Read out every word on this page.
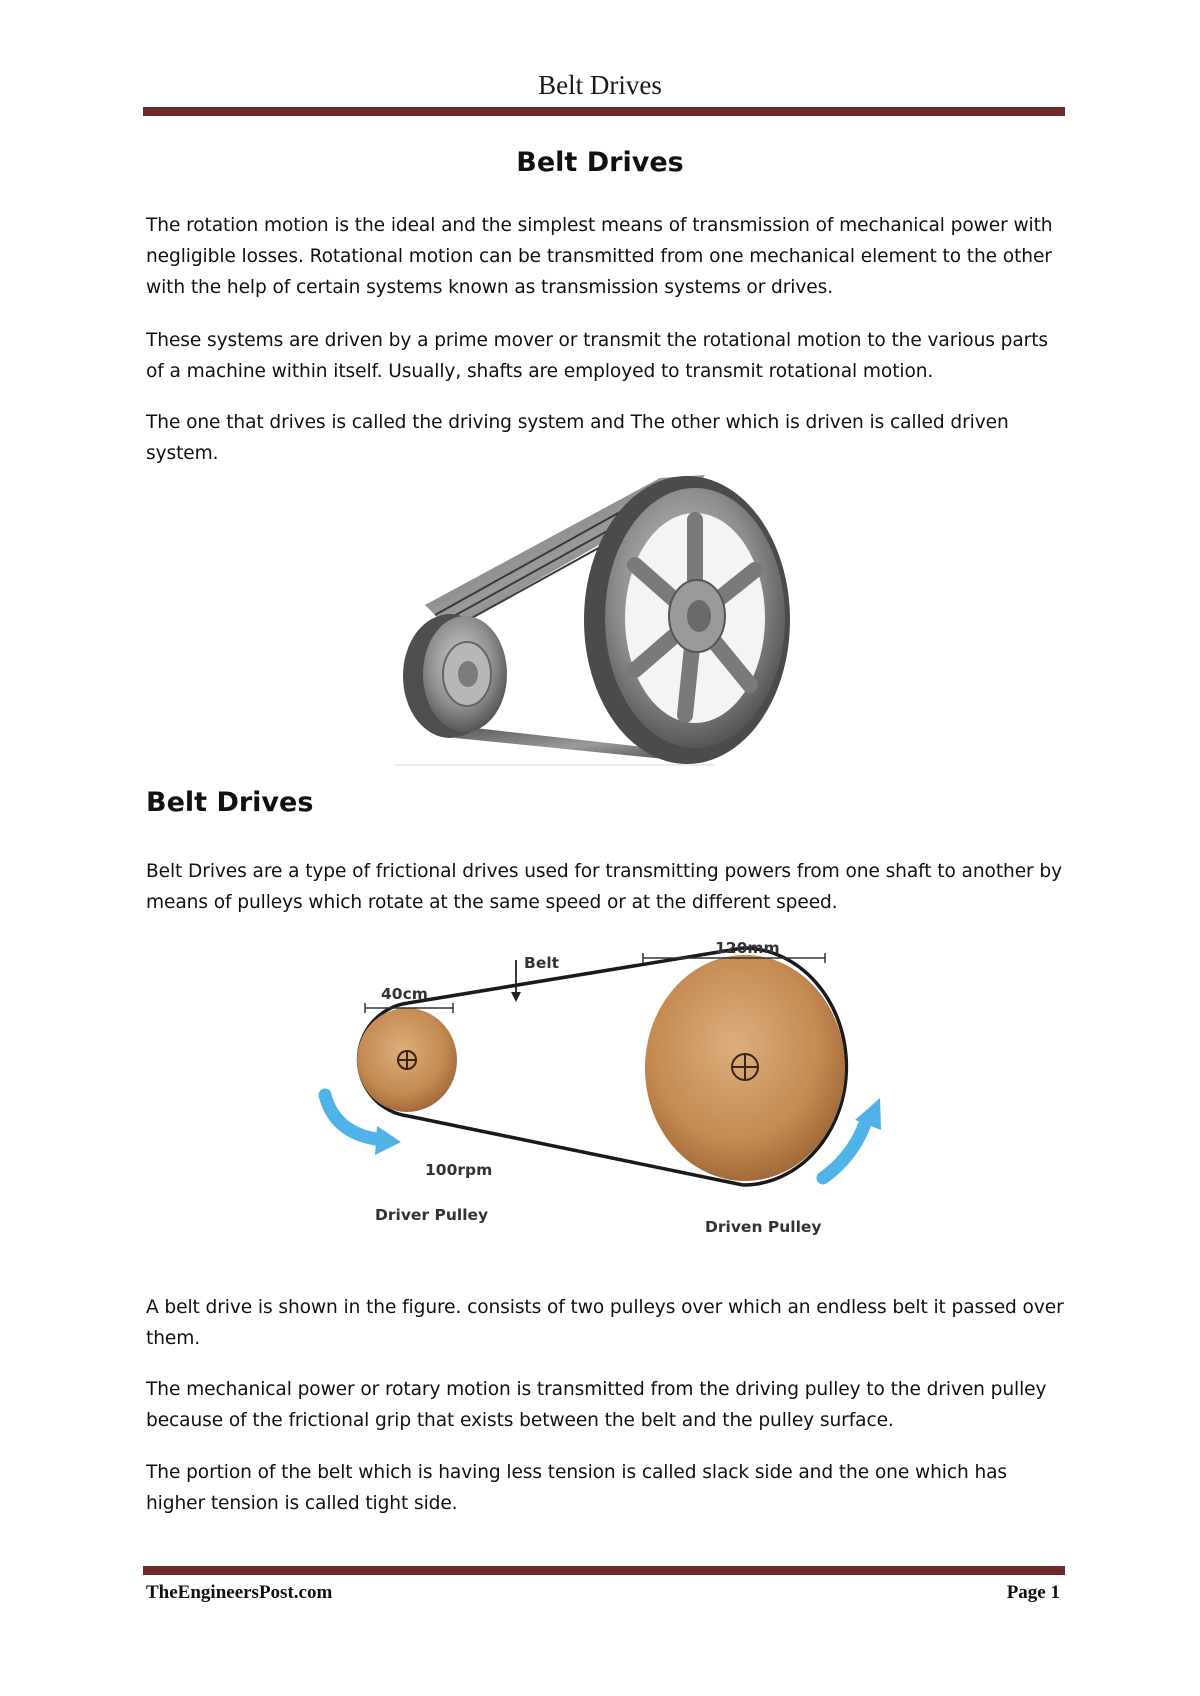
Belt Drives
Belt Drives

The rotation motion is the ideal and the simplest means of transmission of mechanical power with negligible losses. Rotational motion can be transmitted from one mechanical element to the other with the help of certain systems known as transmission systems or drives.

These systems are driven by a prime mover or transmit the rotational motion to the various parts of a machine within itself. Usually, shafts are employed to transmit rotational motion.

The one that drives is called the driving system and The other which is driven is called driven system.

Belt Drives

Belt Drives are a type of frictional drives used for transmitting powers from one shaft to another by means of pulleys which rotate at the same speed or at the different speed.

Belt
40cm
120mm
100rpm
Driver Pulley
Driven Pulley

A belt drive is shown in the figure. consists of two pulleys over which an endless belt it passed over them.

The mechanical power or rotary motion is transmitted from the driving pulley to the driven pulley because of the frictional grip that exists between the belt and the pulley surface.

The portion of the belt which is having less tension is called slack side and the one which has higher tension is called tight side.

TheEngineersPost.com	Page 1
